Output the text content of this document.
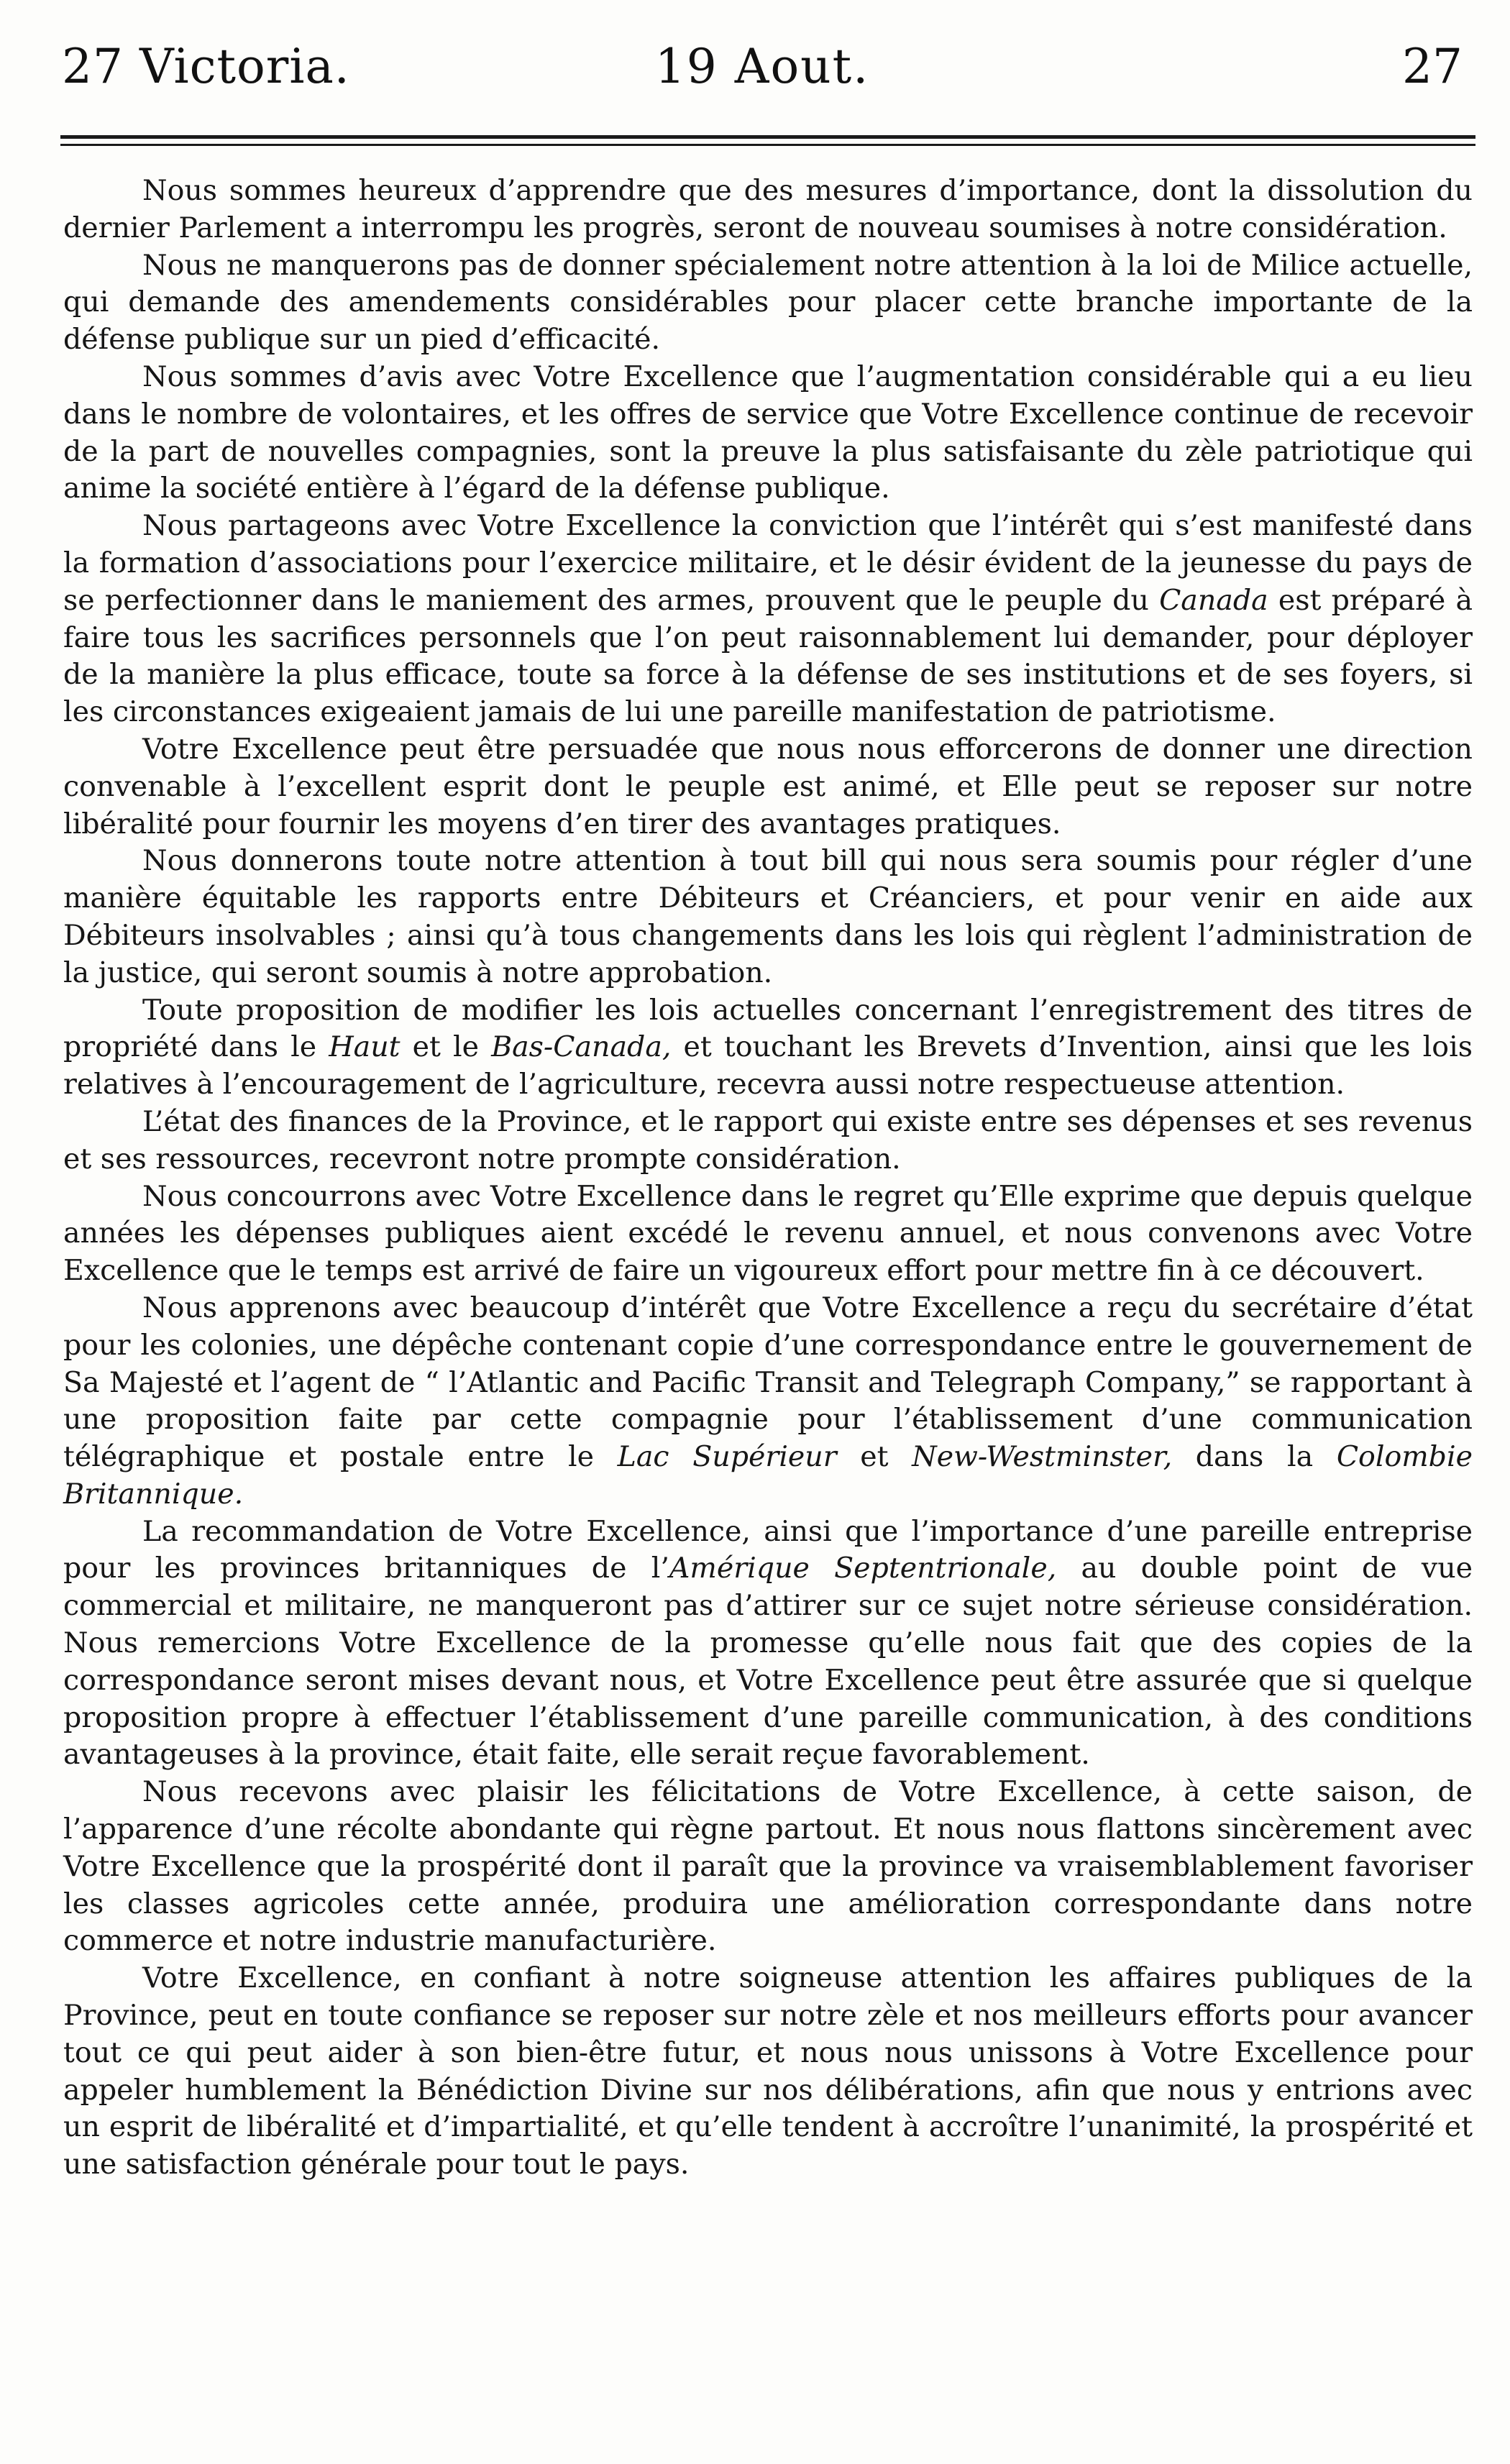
27 Victoria.	19 Aout.	27

Nous sommes heureux d’apprendre que des mesures d’importance, dont la dissolution du dernier Parlement a interrompu les progrès, seront de nouveau soumises à notre considération.

Nous ne manquerons pas de donner spécialement notre attention à la loi de Milice actuelle, qui demande des amendements considérables pour placer cette branche importante de la défense publique sur un pied d’efficacité.

Nous sommes d’avis avec Votre Excellence que l’augmentation considérable qui a eu lieu dans le nombre de volontaires, et les offres de service que Votre Excellence continue de recevoir de la part de nouvelles compagnies, sont la preuve la plus satisfaisante du zèle patriotique qui anime la société entière à l’égard de la défense publique.

Nous partageons avec Votre Excellence la conviction que l’intérêt qui s’est manifesté dans la formation d’associations pour l’exercice militaire, et le désir évident de la jeunesse du pays de se perfectionner dans le maniement des armes, prouvent que le peuple du Canada est préparé à faire tous les sacrifices personnels que l’on peut raisonnablement lui demander, pour déployer de la manière la plus efficace, toute sa force à la défense de ses institutions et de ses foyers, si les circonstances exigeaient jamais de lui une pareille manifestation de patriotisme.

Votre Excellence peut être persuadée que nous nous efforcerons de donner une direction convenable à l’excellent esprit dont le peuple est animé, et Elle peut se reposer sur notre libéralité pour fournir les moyens d’en tirer des avantages pratiques.

Nous donnerons toute notre attention à tout bill qui nous sera soumis pour régler d’une manière équitable les rapports entre Débiteurs et Créanciers, et pour venir en aide aux Débiteurs insolvables ; ainsi qu’à tous changements dans les lois qui règlent l’administration de la justice, qui seront soumis à notre approbation.

Toute proposition de modifier les lois actuelles concernant l’enregistrement des titres de propriété dans le Haut et le Bas-Canada, et touchant les Brevets d’Invention, ainsi que les lois relatives à l’encouragement de l’agriculture, recevra aussi notre respectueuse attention.

L’état des finances de la Province, et le rapport qui existe entre ses dépenses et ses revenus et ses ressources, recevront notre prompte considération.

Nous concourrons avec Votre Excellence dans le regret qu’Elle exprime que depuis quelque années les dépenses publiques aient excédé le revenu annuel, et nous convenons avec Votre Excellence que le temps est arrivé de faire un vigoureux effort pour mettre fin à ce découvert.

Nous apprenons avec beaucoup d’intérêt que Votre Excellence a reçu du secrétaire d’état pour les colonies, une dépêche contenant copie d’une correspondance entre le gouvernement de Sa Majesté et l’agent de “ l’Atlantic and Pacific Transit and Telegraph Company,” se rapportant à une proposition faite par cette compagnie pour l’établissement d’une communication télégraphique et postale entre le Lac Supérieur et New-Westminster, dans la Colombie Britannique.

La recommandation de Votre Excellence, ainsi que l’importance d’une pareille entreprise pour les provinces britanniques de l’Amérique Septentrionale, au double point de vue commercial et militaire, ne manqueront pas d’attirer sur ce sujet notre sérieuse considération. Nous remercions Votre Excellence de la promesse qu’elle nous fait que des copies de la correspondance seront mises devant nous, et Votre Excellence peut être assurée que si quelque proposition propre à effectuer l’établissement d’une pareille communication, à des conditions avantageuses à la province, était faite, elle serait reçue favorablement.

Nous recevons avec plaisir les félicitations de Votre Excellence, à cette saison, de l’apparence d’une récolte abondante qui règne partout. Et nous nous flattons sincèrement avec Votre Excellence que la prospérité dont il paraît que la province va vraisemblablement favoriser les classes agricoles cette année, produira une amélioration correspondante dans notre commerce et notre industrie manufacturière.

Votre Excellence, en confiant à notre soigneuse attention les affaires publiques de la Province, peut en toute confiance se reposer sur notre zèle et nos meilleurs efforts pour avancer tout ce qui peut aider à son bien-être futur, et nous nous unissons à Votre Excellence pour appeler humblement la Bénédiction Divine sur nos délibérations, afin que nous y entrions avec un esprit de libéralité et d’impartialité, et qu’elle tendent à accroître l’unanimité, la prospérité et une satisfaction générale pour tout le pays.
